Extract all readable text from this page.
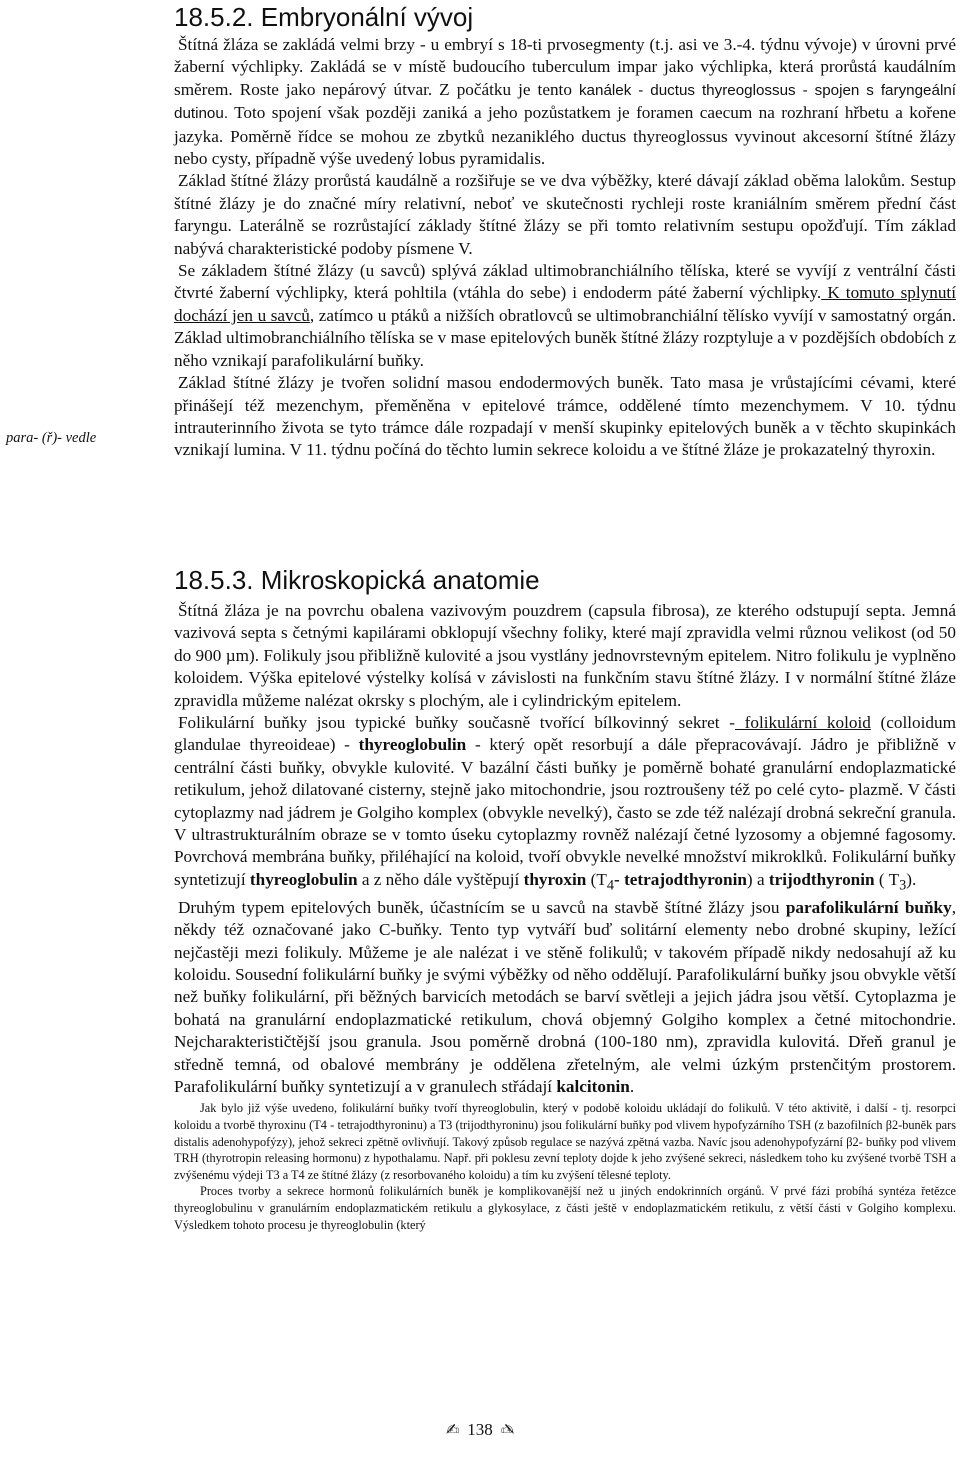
18.5.2. Embryonální vývoj

Štítná žláza se zakládá velmi brzy - u embryí s 18-ti prvosegmenty (t.j. asi ve 3.-4. týdnu vývoje) v úrovni prvé žaberní výchlipky. Zakládá se v místě budoucího tuberculum impar jako výchlipka, která prorůstá kaudálním směrem. Roste jako nepárový útvar. Z počátku je tento kanálek - ductus thyreoglossus - spojen s faryngeální dutinou. Toto spojení však později zaniká a jeho pozůstatkem je foramen caecum na rozhraní hřbetu a kořene jazyka. Poměrně řídce se mohou ze zbytků nezaniklého ductus thyreoglossus vyvinout akcesorní štítné žlázy nebo cysty, případně výše uvedený lobus pyramidalis.

Základ štítné žlázy prorůstá kaudálně a rozšiřuje se ve dva výběžky, které dávají základ oběma lalokům. Sestup štítné žlázy je do značné míry relativní, neboť ve skutečnosti rychleji roste kraniálním směrem přední část faryngu. Laterálně se rozrůstající základy štítné žlázy se při tomto relativním sestupu opožďují. Tím základ nabývá charakteristické podoby písmene V.

Se základem štítné žlázy (u savců) splývá základ ultimobranchiálního tělíska, které se vyvíjí z ventrální části čtvrté žaberní výchlipky, která pohltila (vtáhla do sebe) i endoderm páté žaberní výchlipky. K tomuto splynutí dochází jen u savců, zatímco u ptáků a nižších obratlovců se ultimobranchiální tělísko vyvíjí v samostatný orgán. Základ ultimobranchiálního tělíska se v mase epitelových buněk štítné žlázy rozptyluje a v pozdějších obdobích z něho vznikají parafolikulární buňky.

Základ štítné žlázy je tvořen solidní masou endodermových buněk. Tato masa je vrůstajícími cévami, které přinášejí též mezenchym, přeměněna v epitelové trámce, oddělené tímto mezenchymem. V 10. týdnu intrauterinního života se tyto trámce dále rozpadají v menší skupinky epitelových buněk a v těchto skupinkách vznikají lumina. V 11. týdnu počíná do těchto lumin sekrece koloidu a ve štítné žláze je prokazatelný thyroxin.

para- (ř)- vedle
18.5.3. Mikroskopická anatomie

Štítná žláza je na povrchu obalena vazivovým pouzdrem (capsula fibrosa), ze kterého odstupují septa. Jemná vazivová septa s četnými kapilárami obklopují všechny foliky, které mají zpravidla velmi různou velikost (od 50 do 900 µm). Folikuly jsou přibližně kulovité a jsou vystlány jednovrstevným epitelem. Nitro folikulu je vyplněno koloidem. Výška epitelové výstelky kolísá v závislosti na funkčním stavu štítné žlázy. I v normální štítné žláze zpravidla můžeme nalézat okrsky s plochým, ale i cylindrickým epitelem.

Folikulární buňky jsou typické buňky současně tvořící bílkovinný sekret - folikulární koloid (colloidum glandulae thyreoideae) - thyreoglobulin - který opět resorbují a dále přepracovávají. Jádro je přibližně v centrální části buňky, obvykle kulovité. V bazální části buňky je poměrně bohaté granulární endoplazmatické retikulum, jehož dilatované cisterny, stejně jako mitochondrie, jsou roztroušeny též po celé cyto- plazmě. V části cytoplazmy nad jádrem je Golgiho komplex (obvykle nevelký), často se zde též nalézají drobná sekreční granula. V ultrastrukturálním obraze se v tomto úseku cytoplazmy rovněž nalézají četné lyzosomy a objemné fagosomy. Povrchová membrána buňky, přiléhající na koloid, tvoří obvykle nevelké množství mikroklků. Folikulární buňky syntetizují thyreoglobulin a z něho dále vyštěpují thyroxin ($T_4-$ tetrajodthyronin) a trijodthyronin ( $T_3$).

Druhým typem epitelových buněk, účastnícím se u savců na stavbě štítné žlázy jsou parafolikulární buňky, někdy též označované jako C-buňky. Tento typ vytváří buď solitární elementy nebo drobné skupiny, ležící nejčastěji mezi folikuly. Můžeme je ale nalézat i ve stěně folikulů; v takovém případě nikdy nedosahují až ku koloidu. Sousední folikulární buňky je svými výběžky od něho oddělují. Parafolikulární buňky jsou obvykle větší než buňky folikulární, při běžných barvicích metodách se barví světleji a jejich jádra jsou větší. Cytoplazma je bohatá na granulární endoplazmatické retikulum, chová objemný Golgiho komplex a četné mitochondrie. Nejcharakterističtější jsou granula. Jsou poměrně drobná (100-180 nm), zpravidla kulovitá. Dřeň granul je středně temná, od obalové membrány je oddělena zřetelným, ale velmi úzkým prstenčitým prostorem. Parafolikulární buňky syntetizují a v granulech střádají kalcitonin.

Jak bylo již výše uvedeno, folikulární buňky tvoří thyreoglobulin, který v podobě koloidu ukládají do folikulů. V této aktivitě, i další - tj. resorpci koloidu a tvorbě thyroxinu (T4 - tetrajodthyroninu) a T3 (trijodthyroninu) jsou folikulární buňky pod vlivem hypofyzárního TSH (z bazofilních β2-buněk pars distalis adenohypofýzy), jehož sekreci zpětně ovlivňují. Takový způsob regulace se nazývá zpětná vazba. Navíc jsou adenohypofyzární β2- buňky pod vlivem TRH (thyrotropin releasing hormonu) z hypothalamu. Např. při poklesu zevní teploty dojde k jeho zvýšené sekreci, následkem toho ku zvýšené tvorbě TSH a zvýšenému výdeji T3 a T4 ze štítné žlázy (z resorbovaného koloidu) a tím ku zvýšení tělesné teploty.

Proces tvorby a sekrece hormonů folikulárních buněk je komplikovanější než u jiných endokrinních orgánů. V prvé fázi probíhá syntéza řetězce thyreoglobulinu v granulárním endoplazmatickém retikulu a glykosylace, z části ještě v endoplazmatickém retikulu, z větší části v Golgiho komplexu. Výsledkem tohoto procesu je thyreoglobulin (který

✍ 138 ✍
